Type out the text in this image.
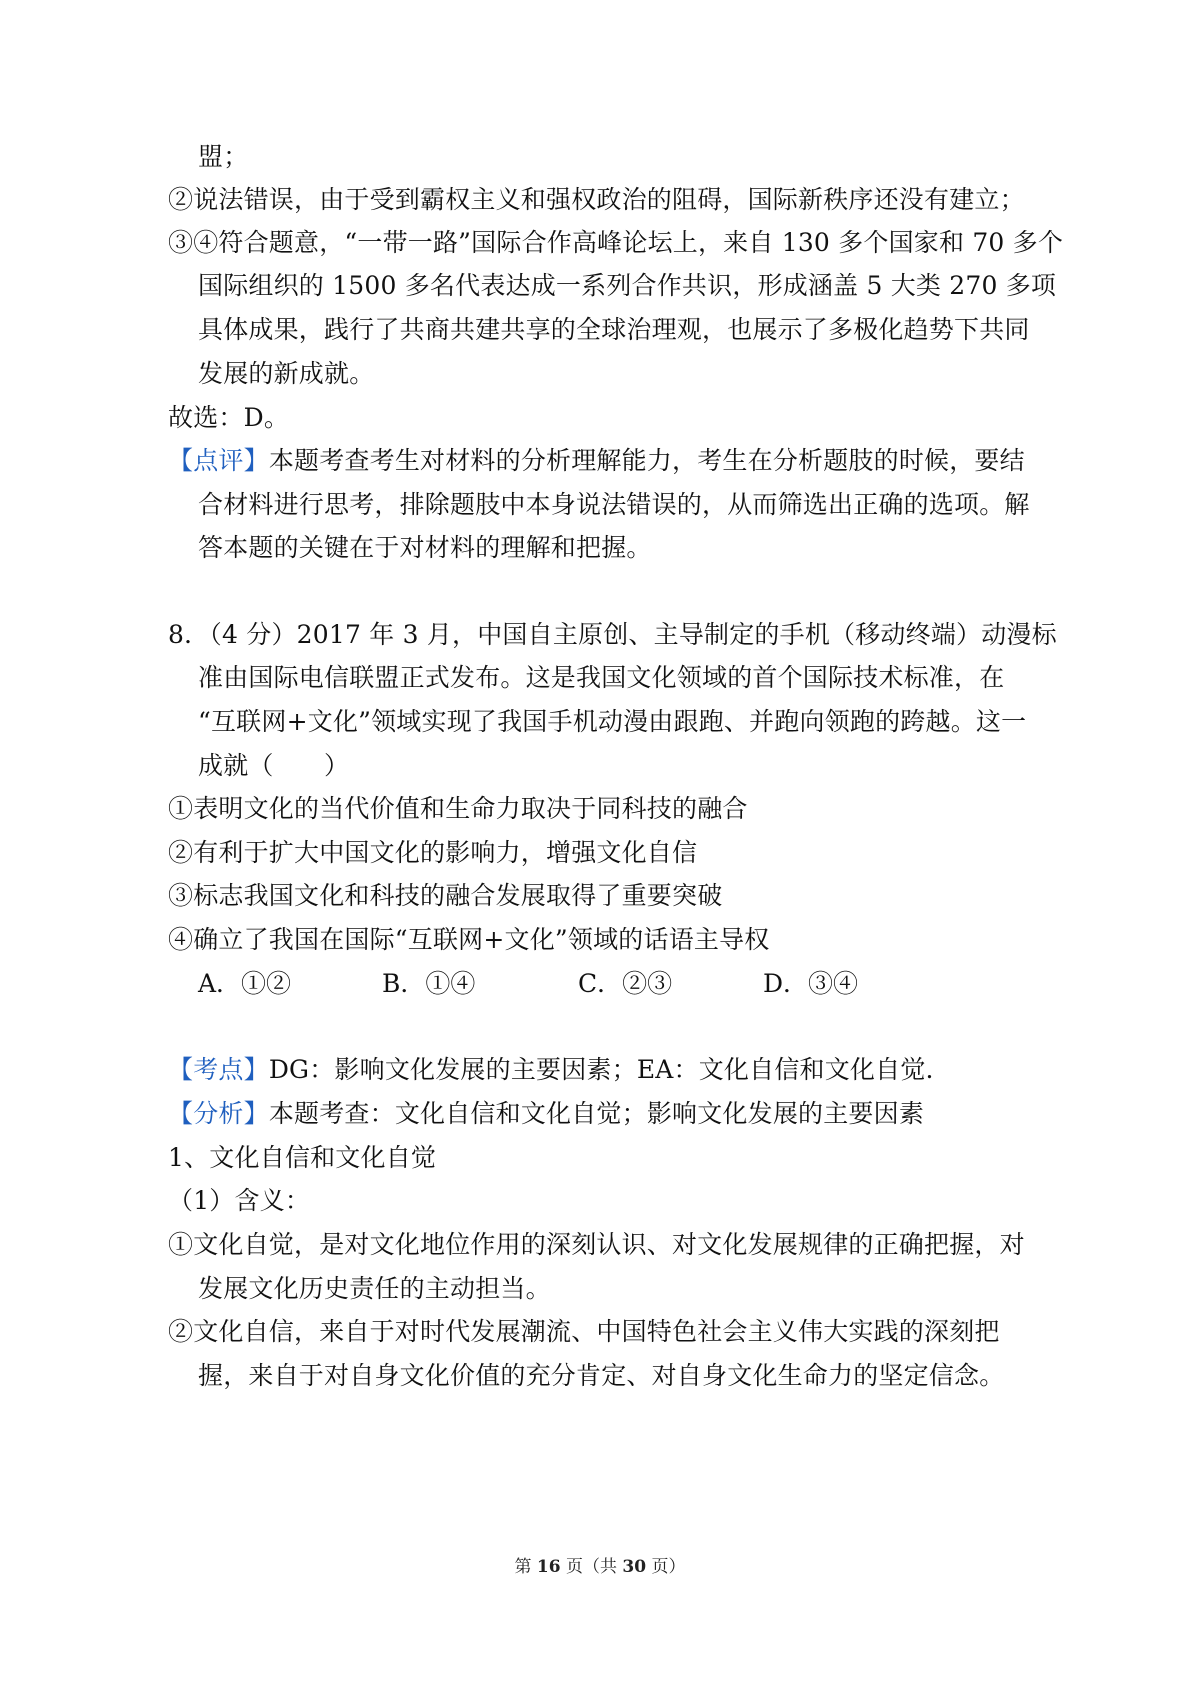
盟；
②说法错误，由于受到霸权主义和强权政治的阻碍，国际新秩序还没有建立；
③④符合题意，“一带一路”国际合作高峰论坛上，来自 130 多个国家和 70 多个
国际组织的 1500 多名代表达成一系列合作共识，形成涵盖 5 大类 270 多项
具体成果，践行了共商共建共享的全球治理观，也展示了多极化趋势下共同
发展的新成就。
故选：D。
【点评】本题考查考生对材料的分析理解能力，考生在分析题肢的时候，要结
合材料进行思考，排除题肢中本身说法错误的，从而筛选出正确的选项。解
答本题的关键在于对材料的理解和把握。
8．（4 分）2017 年 3 月，中国自主原创、主导制定的手机（移动终端）动漫标
准由国际电信联盟正式发布。这是我国文化领域的首个国际技术标准，在
“互联网+文化”领域实现了我国手机动漫由跟跑、并跑向领跑的跨越。这一
成就（　　）
①表明文化的当代价值和生命力取决于同科技的融合
②有利于扩大中国文化的影响力，增强文化自信
③标志我国文化和科技的融合发展取得了重要突破
④确立了我国在国际“互联网+文化”领域的话语主导权
A．①②	B．①④	C．②③	D．③④
【考点】DG：影响文化发展的主要因素；EA：文化自信和文化自觉.
【分析】本题考查：文化自信和文化自觉；影响文化发展的主要因素
1、文化自信和文化自觉
（1）含义：
①文化自觉，是对文化地位作用的深刻认识、对文化发展规律的正确把握，对
发展文化历史责任的主动担当。
②文化自信，来自于对时代发展潮流、中国特色社会主义伟大实践的深刻把
握，来自于对自身文化价值的充分肯定、对自身文化生命力的坚定信念。
第 16 页（共 30 页）
